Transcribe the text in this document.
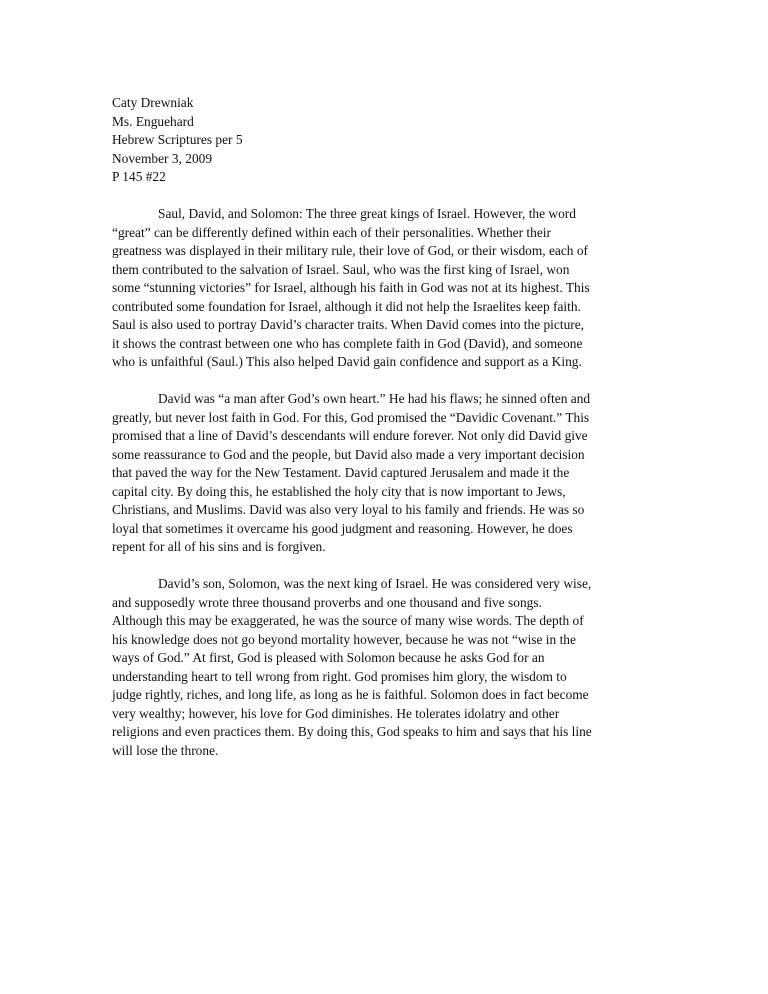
Caty Drewniak
Ms. Enguehard
Hebrew Scriptures per 5
November 3, 2009
P 145 #22
Saul, David, and Solomon: The three great kings of Israel. However, the word
“great” can be differently defined within each of their personalities. Whether their
greatness was displayed in their military rule, their love of God, or their wisdom, each of
them contributed to the salvation of Israel. Saul, who was the first king of Israel, won
some “stunning victories” for Israel, although his faith in God was not at its highest. This
contributed some foundation for Israel, although it did not help the Israelites keep faith.
Saul is also used to portray David’s character traits. When David comes into the picture,
it shows the contrast between one who has complete faith in God (David), and someone
who is unfaithful (Saul.) This also helped David gain confidence and support as a King.
David was “a man after God’s own heart.” He had his flaws; he sinned often and
greatly, but never lost faith in God. For this, God promised the “Davidic Covenant.” This
promised that a line of David’s descendants will endure forever. Not only did David give
some reassurance to God and the people, but David also made a very important decision
that paved the way for the New Testament. David captured Jerusalem and made it the
capital city. By doing this, he established the holy city that is now important to Jews,
Christians, and Muslims. David was also very loyal to his family and friends. He was so
loyal that sometimes it overcame his good judgment and reasoning. However, he does
repent for all of his sins and is forgiven.
David’s son, Solomon, was the next king of Israel. He was considered very wise,
and supposedly wrote three thousand proverbs and one thousand and five songs.
Although this may be exaggerated, he was the source of many wise words. The depth of
his knowledge does not go beyond mortality however, because he was not “wise in the
ways of God.” At first, God is pleased with Solomon because he asks God for an
understanding heart to tell wrong from right. God promises him glory, the wisdom to
judge rightly, riches, and long life, as long as he is faithful. Solomon does in fact become
very wealthy; however, his love for God diminishes. He tolerates idolatry and other
religions and even practices them. By doing this, God speaks to him and says that his line
will lose the throne.
